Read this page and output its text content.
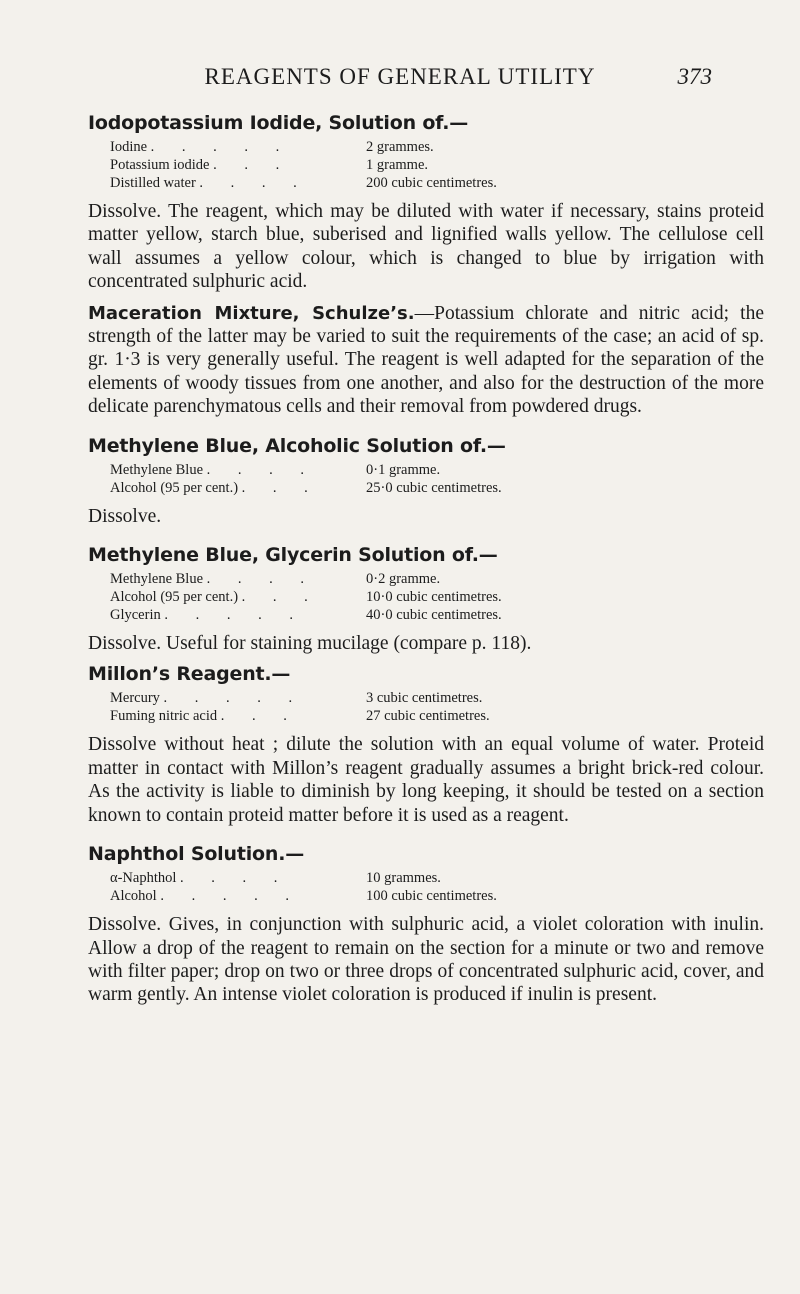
REAGENTS OF GENERAL UTILITY	373
Iodopotassium Iodide, Solution of.—
Iodine . . . . .	2 grammes.
Potassium iodide . . .	1 gramme.
Distilled water . . . .	200 cubic centimetres.

Dissolve. The reagent, which may be diluted with water if necessary, stains proteid matter yellow, starch blue, suberised and lignified walls yellow. The cellulose cell wall assumes a yellow colour, which is changed to blue by irrigation with concentrated sulphuric acid.

Maceration Mixture, Schulze’s.—Potassium chlorate and nitric acid; the strength of the latter may be varied to suit the requirements of the case; an acid of sp. gr. 1·3 is very generally useful. The reagent is well adapted for the separation of the elements of woody tissues from one another, and also for the destruction of the more delicate parenchymatous cells and their removal from powdered drugs.

Methylene Blue, Alcoholic Solution of.—
Methylene Blue . . . .	0·1 gramme.
Alcohol (95 per cent.) . . .	25·0 cubic centimetres.

Dissolve.

Methylene Blue, Glycerin Solution of.—
Methylene Blue . . . .	0·2 gramme.
Alcohol (95 per cent.) . . .	10·0 cubic centimetres.
Glycerin . . . . .	40·0 cubic centimetres.

Dissolve. Useful for staining mucilage (compare p. 118).

Millon’s Reagent.—
Mercury . . . . .	3 cubic centimetres.
Fuming nitric acid . . .	27 cubic centimetres.

Dissolve without heat ; dilute the solution with an equal volume of water. Proteid matter in contact with Millon’s reagent gradually assumes a bright brick-red colour. As the activity is liable to diminish by long keeping, it should be tested on a section known to contain proteid matter before it is used as a reagent.

Naphthol Solution.—
α-Naphthol . . . .	10 grammes.
Alcohol . . . . .	100 cubic centimetres.

Dissolve. Gives, in conjunction with sulphuric acid, a violet coloration with inulin. Allow a drop of the reagent to remain on the section for a minute or two and remove with filter paper; drop on two or three drops of concentrated sulphuric acid, cover, and warm gently. An intense violet coloration is produced if inulin is present.
